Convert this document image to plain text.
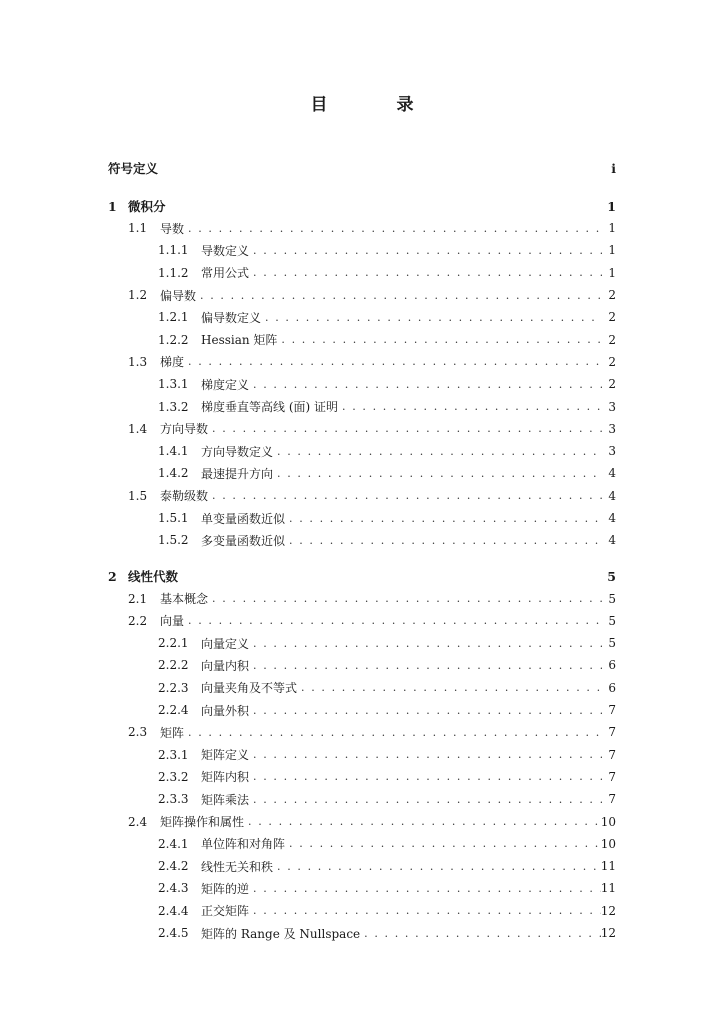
目　录
符号定义	i
1 微积分	1
1.1	导数 . . .	1
1.1.1	导数定义 . . .	1
1.1.2	常用公式 . . .	1
1.2	偏导数 . . .	2
1.2.1	偏导数定义 . . .	2
1.2.2	Hessian 矩阵 . . .	2
1.3	梯度 . . .	2
1.3.1	梯度定义 . . .	2
1.3.2	梯度垂直等高线 (面) 证明 . . .	3
1.4	方向导数 . . .	3
1.4.1	方向导数定义 . . .	3
1.4.2	最速提升方向 . . .	4
1.5	泰勒级数 . . .	4
1.5.1	单变量函数近似 . . .	4
1.5.2	多变量函数近似 . . .	4
2 线性代数	5
2.1	基本概念 . . .	5
2.2	向量 . . .	5
2.2.1	向量定义 . . .	5
2.2.2	向量内积 . . .	6
2.2.3	向量夹角及不等式 . . .	6
2.2.4	向量外积 . . .	7
2.3	矩阵 . . .	7
2.3.1	矩阵定义 . . .	7
2.3.2	矩阵内积 . . .	7
2.3.3	矩阵乘法 . . .	7
2.4	矩阵操作和属性 . . .	10
2.4.1	单位阵和对角阵 . . .	10
2.4.2	线性无关和秩 . . .	11
2.4.3	矩阵的逆 . . .	11
2.4.4	正交矩阵 . . .	12
2.4.5	矩阵的 Range 及 Nullspace . . .	12
